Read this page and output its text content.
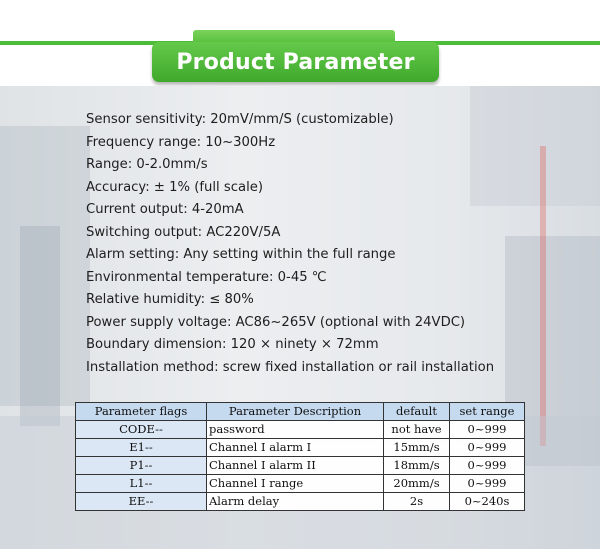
Product Parameter
Sensor sensitivity: 20mV/mm/S (customizable)
Frequency range: 10~300Hz
Range: 0-2.0mm/s
Accuracy: ± 1% (full scale)
Current output: 4-20mA
Switching output: AC220V/5A
Alarm setting: Any setting within the full range
Environmental temperature: 0-45 ℃
Relative humidity: ≤ 80%
Power supply voltage: AC86~265V (optional with 24VDC)
Boundary dimension: 120 × ninety × 72mm
Installation method: screw fixed installation or rail installation
Parameter flags	Parameter Description	default	set range
CODE--	password	not have	0~999
E1--	Channel I alarm I	15mm/s	0~999
P1--	Channel I alarm II	18mm/s	0~999
L1--	Channel I range	20mm/s	0~999
EE--	Alarm delay	2s	0~240s
